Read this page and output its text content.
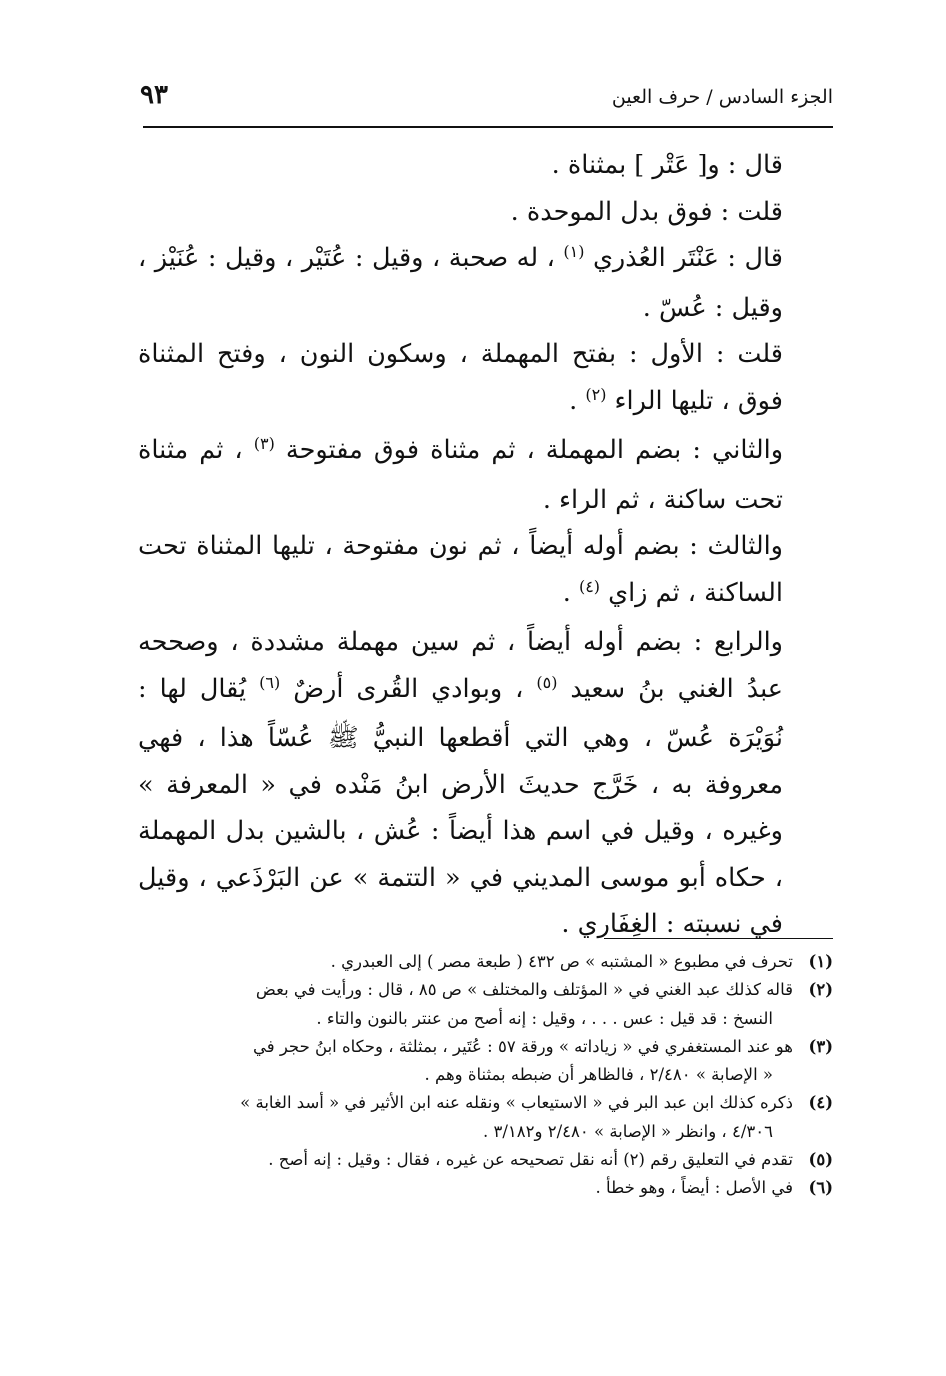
الجزء السادس / حرف العين
٩٣

قال : و[ عَتْر ] بمثناة .

قلت : فوق بدل الموحدة .

قال : عَنْتَر العُذري $^{(١)}$ ، له صحبة ، وقيل : عُتَيْر ، وقيل : عُنَيْز ، وقيل : عُسّ .

قلت : الأول : بفتح المهملة ، وسكون النون ، وفتح المثناة فوق ، تليها الراء $^{(٢)}$ .

والثاني : بضم المهملة ، ثم مثناة فوق مفتوحة $^{(٣)}$ ، ثم مثناة تحت ساكنة ، ثم الراء .

والثالث : بضم أوله أيضاً ، ثم نون مفتوحة ، تليها المثناة تحت الساكنة ، ثم زاي $^{(٤)}$ .

والرابع : بضم أوله أيضاً ، ثم سين مهملة مشددة ، وصححه عبدُ الغني بنُ سعيد $^{(٥)}$ ، وبوادي القُرى أرضٌ $^{(٦)}$ يُقال لها : نُوَيْرَة عُسّ ، وهي التي أقطعها النبيُّ ﷺ عُسّاً هذا ، فهي معروفة به ، خَرَّج حديثَ الأرض ابنُ مَنْده في « المعرفة » وغيره ، وقيل في اسم هذا أيضاً : عُش ، بالشين بدل المهملة ، حكاه أبو موسى المديني في « التتمة » عن البَرْذَعي ، وقيل في نسبته : الغِفَاري .

(١)
تحرف في مطبوع « المشتبه » ص ٤٣٢ ( طبعة مصر ) إلى العبدري .
(٢)
قاله كذلك عبد الغني في « المؤتلف والمختلف » ص ٨٥ ، قال : ورأيت في بعض
النسخ : قد قيل : عس . . . ، وقيل : إنه أصح من عنتر بالنون والتاء .
(٣)
هو عند المستغفري في « زياداته » ورقة ٥٧ : عُتَير ، بمثلثة ، وحكاه ابنُ حجر في
« الإصابة » ٢/٤٨٠ ، فالظاهر أن ضبطه بمثناة وهم .
(٤)
ذكره كذلك ابن عبد البر في « الاستيعاب » ونقله عنه ابن الأثير في « أسد الغابة »
٤/٣٠٦ ، وانظر « الإصابة » ٢/٤٨٠ و٣/١٨٢ .
(٥)
تقدم في التعليق رقم (٢) أنه نقل تصحيحه عن غيره ، فقال : وقيل : إنه أصح .
(٦)
في الأصل : أيضاً ، وهو خطأ .
